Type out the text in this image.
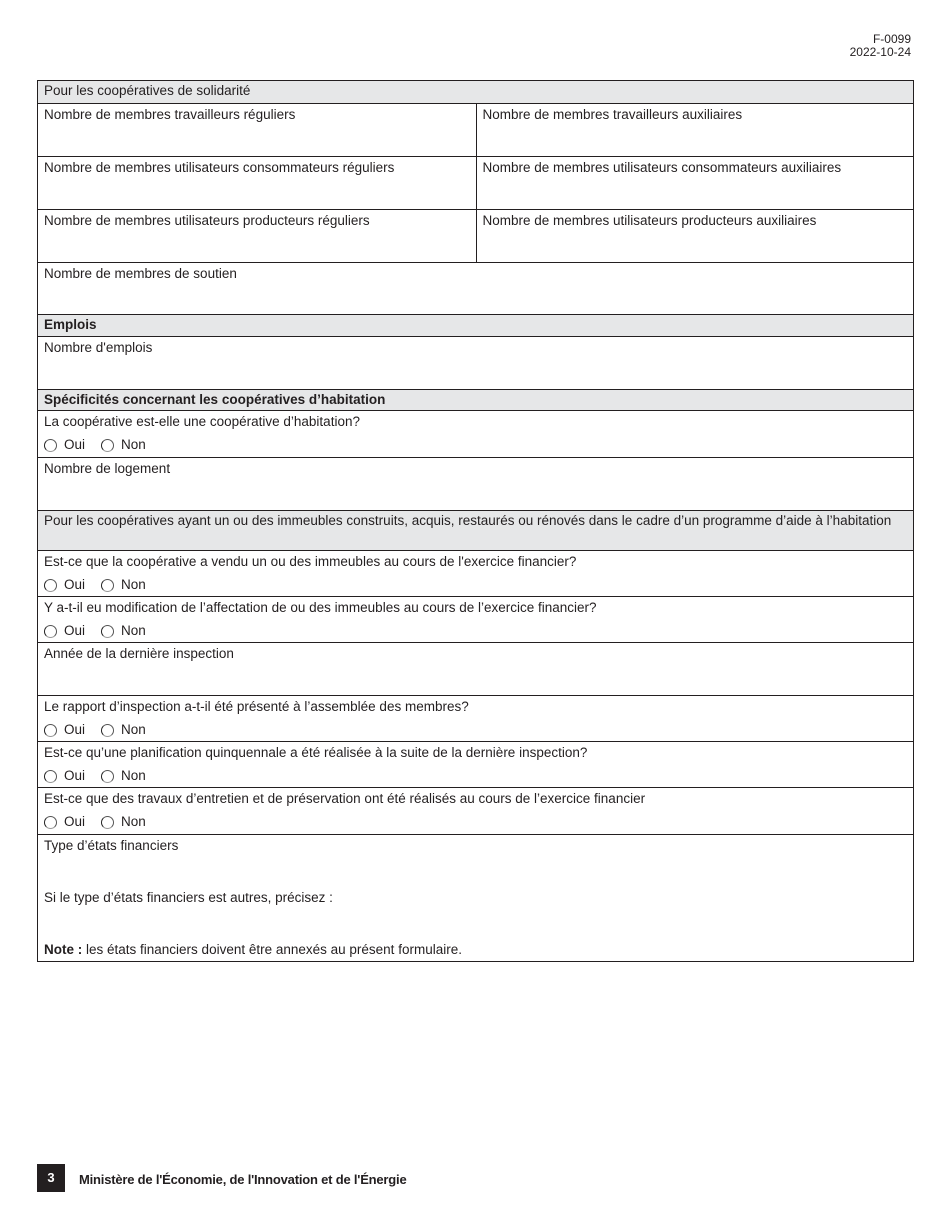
F-0099
2022-10-24
Pour les coopératives de solidarité
Nombre de membres travailleurs réguliers	Nombre de membres travailleurs auxiliaires
Nombre de membres utilisateurs consommateurs réguliers	Nombre de membres utilisateurs consommateurs auxiliaires
Nombre de membres utilisateurs producteurs réguliers	Nombre de membres utilisateurs producteurs auxiliaires
Nombre de membres de soutien
Emplois
Nombre d'emplois
Spécificités concernant les coopératives d’habitation
La coopérative est-elle une coopérative d’habitation?
Oui	Non
Nombre de logement
Pour les coopératives ayant un ou des immeubles construits, acquis, restaurés ou rénovés dans le cadre d’un programme d’aide à l’habitation
Est-ce que la coopérative a vendu un ou des immeubles au cours de l'exercice financier?
Oui	Non
Y a-t-il eu modification de l’affectation de ou des immeubles au cours de l’exercice financier?
Oui	Non
Année de la dernière inspection
Le rapport d’inspection a-t-il été présenté à l’assemblée des membres?
Oui	Non
Est-ce qu’une planification quinquennale a été réalisée à la suite de la dernière inspection?
Oui	Non
Est-ce que des travaux d’entretien et de préservation ont été réalisés au cours de l’exercice financier
Oui	Non
Type d’états financiers
Si le type d’états financiers est autres, précisez :
Note : les états financiers doivent être annexés au présent formulaire.
3 Ministère de l'Économie, de l'Innovation et de l'Énergie
